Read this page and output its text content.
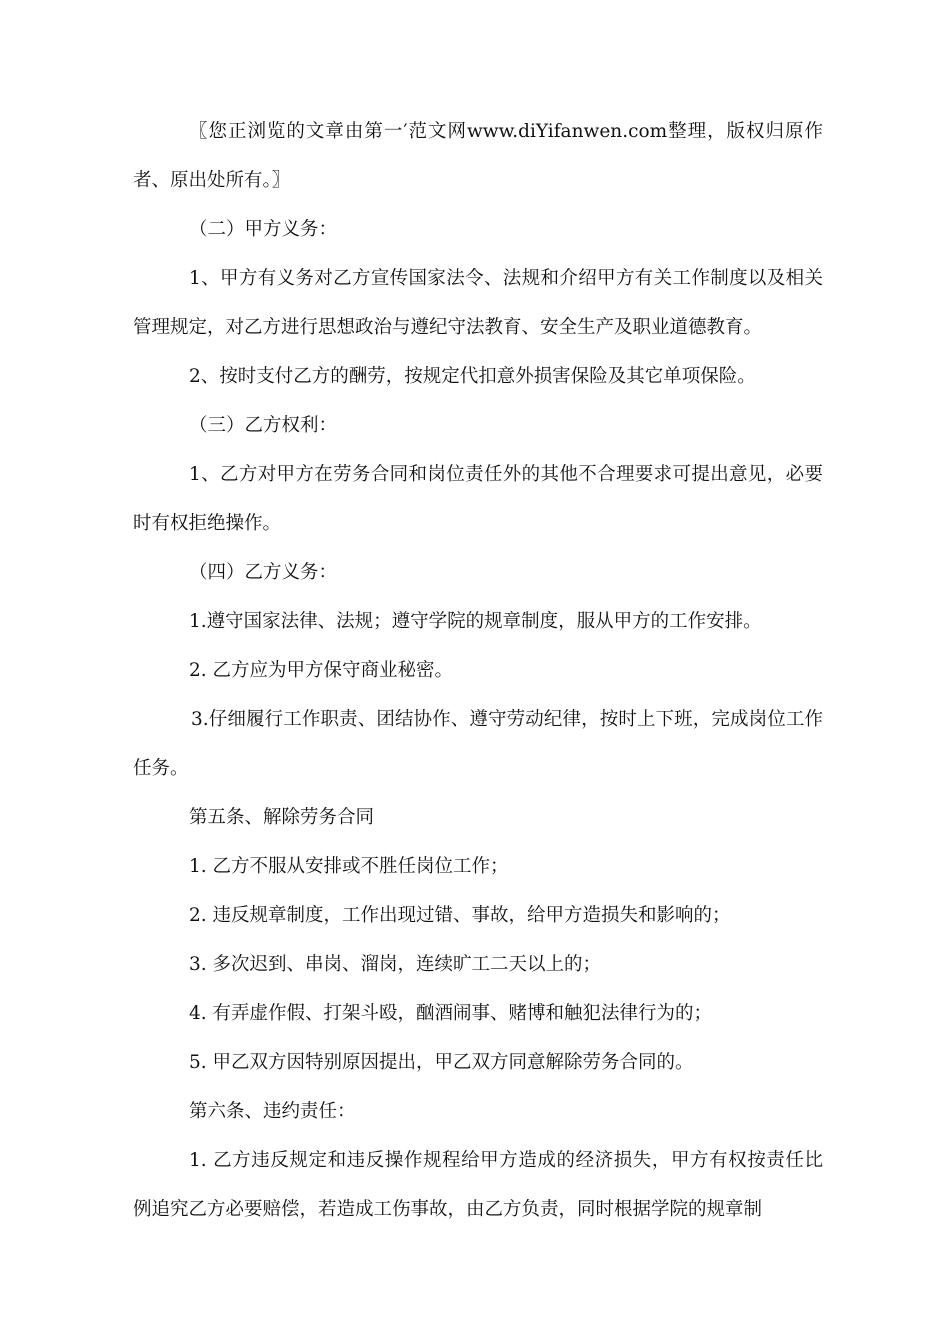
〖您正浏览的文章由第一′范文网www.diYifanwen.com整理，版权归原作者、原出处所有。〗

（二）甲方义务：

1、甲方有义务对乙方宣传国家法令、法规和介绍甲方有关工作制度以及相关管理规定，对乙方进行思想政治与遵纪守法教育、安全生产及职业道德教育。

2、按时支付乙方的酬劳，按规定代扣意外损害保险及其它单项保险。

（三）乙方权利：

1、乙方对甲方在劳务合同和岗位责任外的其他不合理要求可提出意见，必要时有权拒绝操作。

（四）乙方义务：

1.遵守国家法律、法规；遵守学院的规章制度，服从甲方的工作安排。

2. 乙方应为甲方保守商业秘密。

3.仔细履行工作职责、团结协作、遵守劳动纪律，按时上下班，完成岗位工作任务。

第五条、解除劳务合同

1. 乙方不服从安排或不胜任岗位工作；

2. 违反规章制度，工作出现过错、事故，给甲方造损失和影响的；

3. 多次迟到、串岗、溜岗，连续旷工二天以上的；

4. 有弄虚作假、打架斗殴，酗酒闹事、赌博和触犯法律行为的；

5. 甲乙双方因特别原因提出，甲乙双方同意解除劳务合同的。

第六条、违约责任：

1. 乙方违反规定和违反操作规程给甲方造成的经济损失，甲方有权按责任比例追究乙方必要赔偿，若造成工伤事故，由乙方负责，同时根据学院的规章制
